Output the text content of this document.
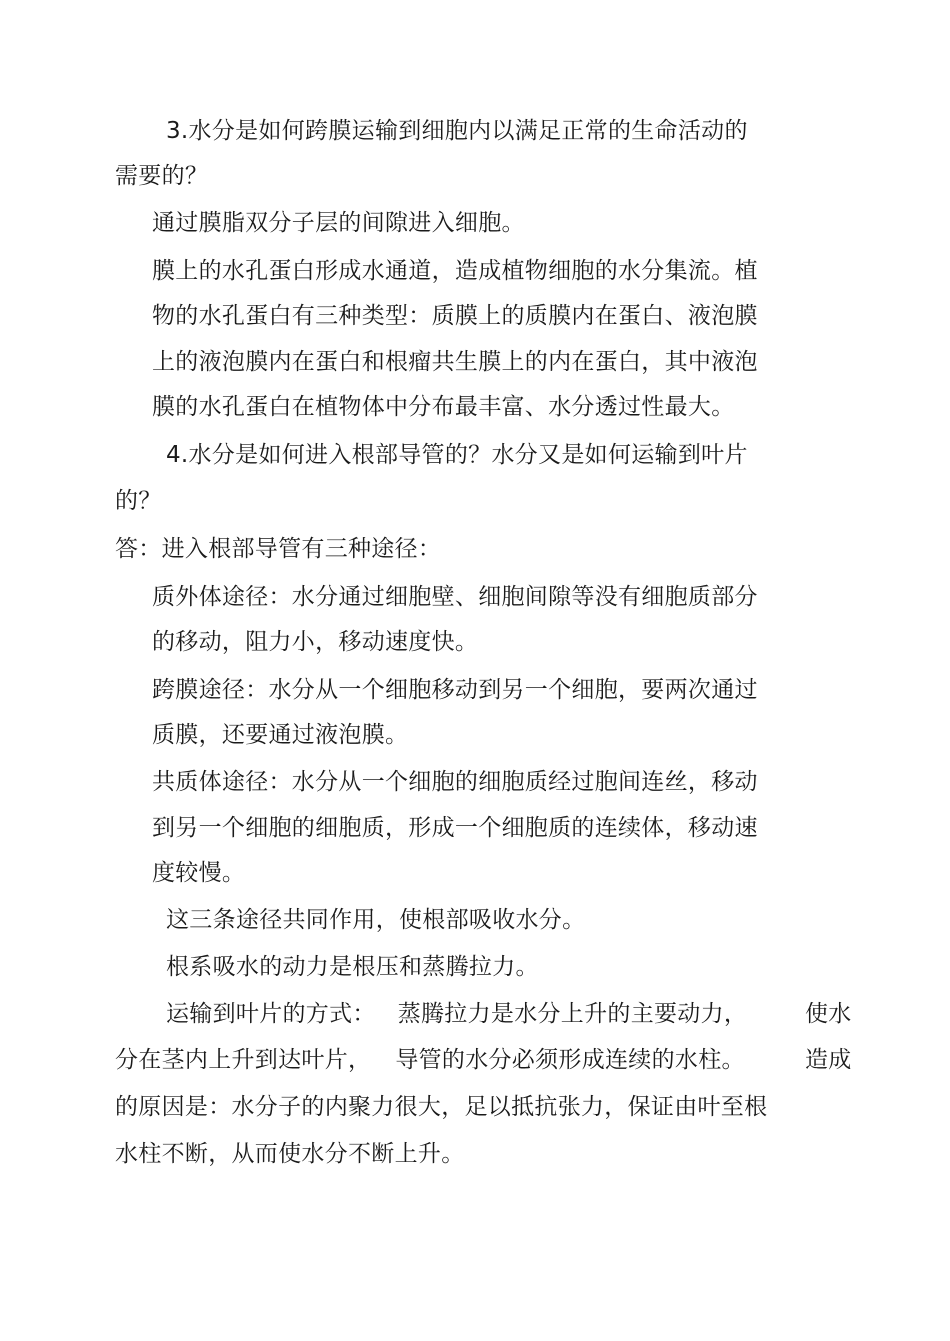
3.水分是如何跨膜运输到细胞内以满足正常的生命活动的
需要的？
通过膜脂双分子层的间隙进入细胞。
膜上的水孔蛋白形成水通道，造成植物细胞的水分集流。植
物的水孔蛋白有三种类型：质膜上的质膜内在蛋白、液泡膜
上的液泡膜内在蛋白和根瘤共生膜上的内在蛋白，其中液泡
膜的水孔蛋白在植物体中分布最丰富、水分透过性最大。
4.水分是如何进入根部导管的？水分又是如何运输到叶片
的？
答：进入根部导管有三种途径：
质外体途径：水分通过细胞壁、细胞间隙等没有细胞质部分
的移动，阻力小，移动速度快。
跨膜途径：水分从一个细胞移动到另一个细胞，要两次通过
质膜，还要通过液泡膜。
共质体途径：水分从一个细胞的细胞质经过胞间连丝，移动
到另一个细胞的细胞质，形成一个细胞质的连续体，移动速
度较慢。
这三条途径共同作用，使根部吸收水分。
根系吸水的动力是根压和蒸腾拉力。
运输到叶片的方式： 蒸腾拉力是水分上升的主要动力，	使水
分在茎内上升到达叶片， 导管的水分必须形成连续的水柱。	造成
的原因是：水分子的内聚力很大，足以抵抗张力，保证由叶至根
水柱不断，从而使水分不断上升。
